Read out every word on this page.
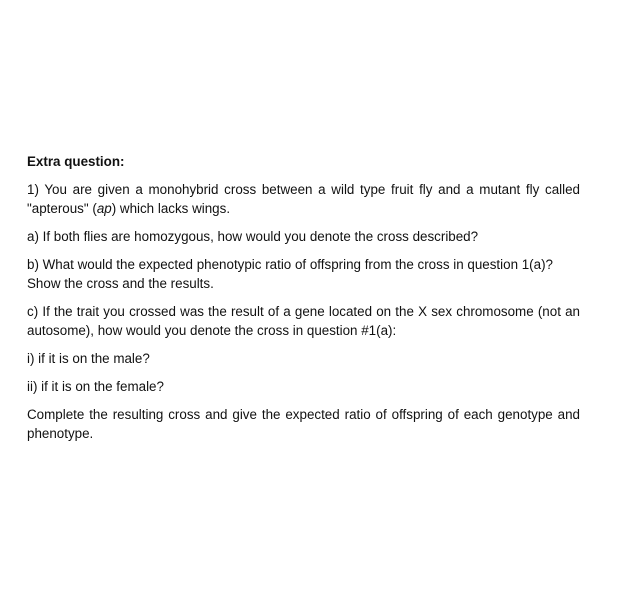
Extra question:

1) You are given a monohybrid cross between a wild type fruit fly and a mutant fly called "apterous" (ap) which lacks wings.

a) If both flies are homozygous, how would you denote the cross described?

b) What would the expected phenotypic ratio of offspring from the cross in question 1(a)? Show the cross and the results.

c) If the trait you crossed was the result of a gene located on the X sex chromosome (not an autosome), how would you denote the cross in question #1(a):

i) if it is on the male?

ii) if it is on the female?

Complete the resulting cross and give the expected ratio of offspring of each genotype and phenotype.
